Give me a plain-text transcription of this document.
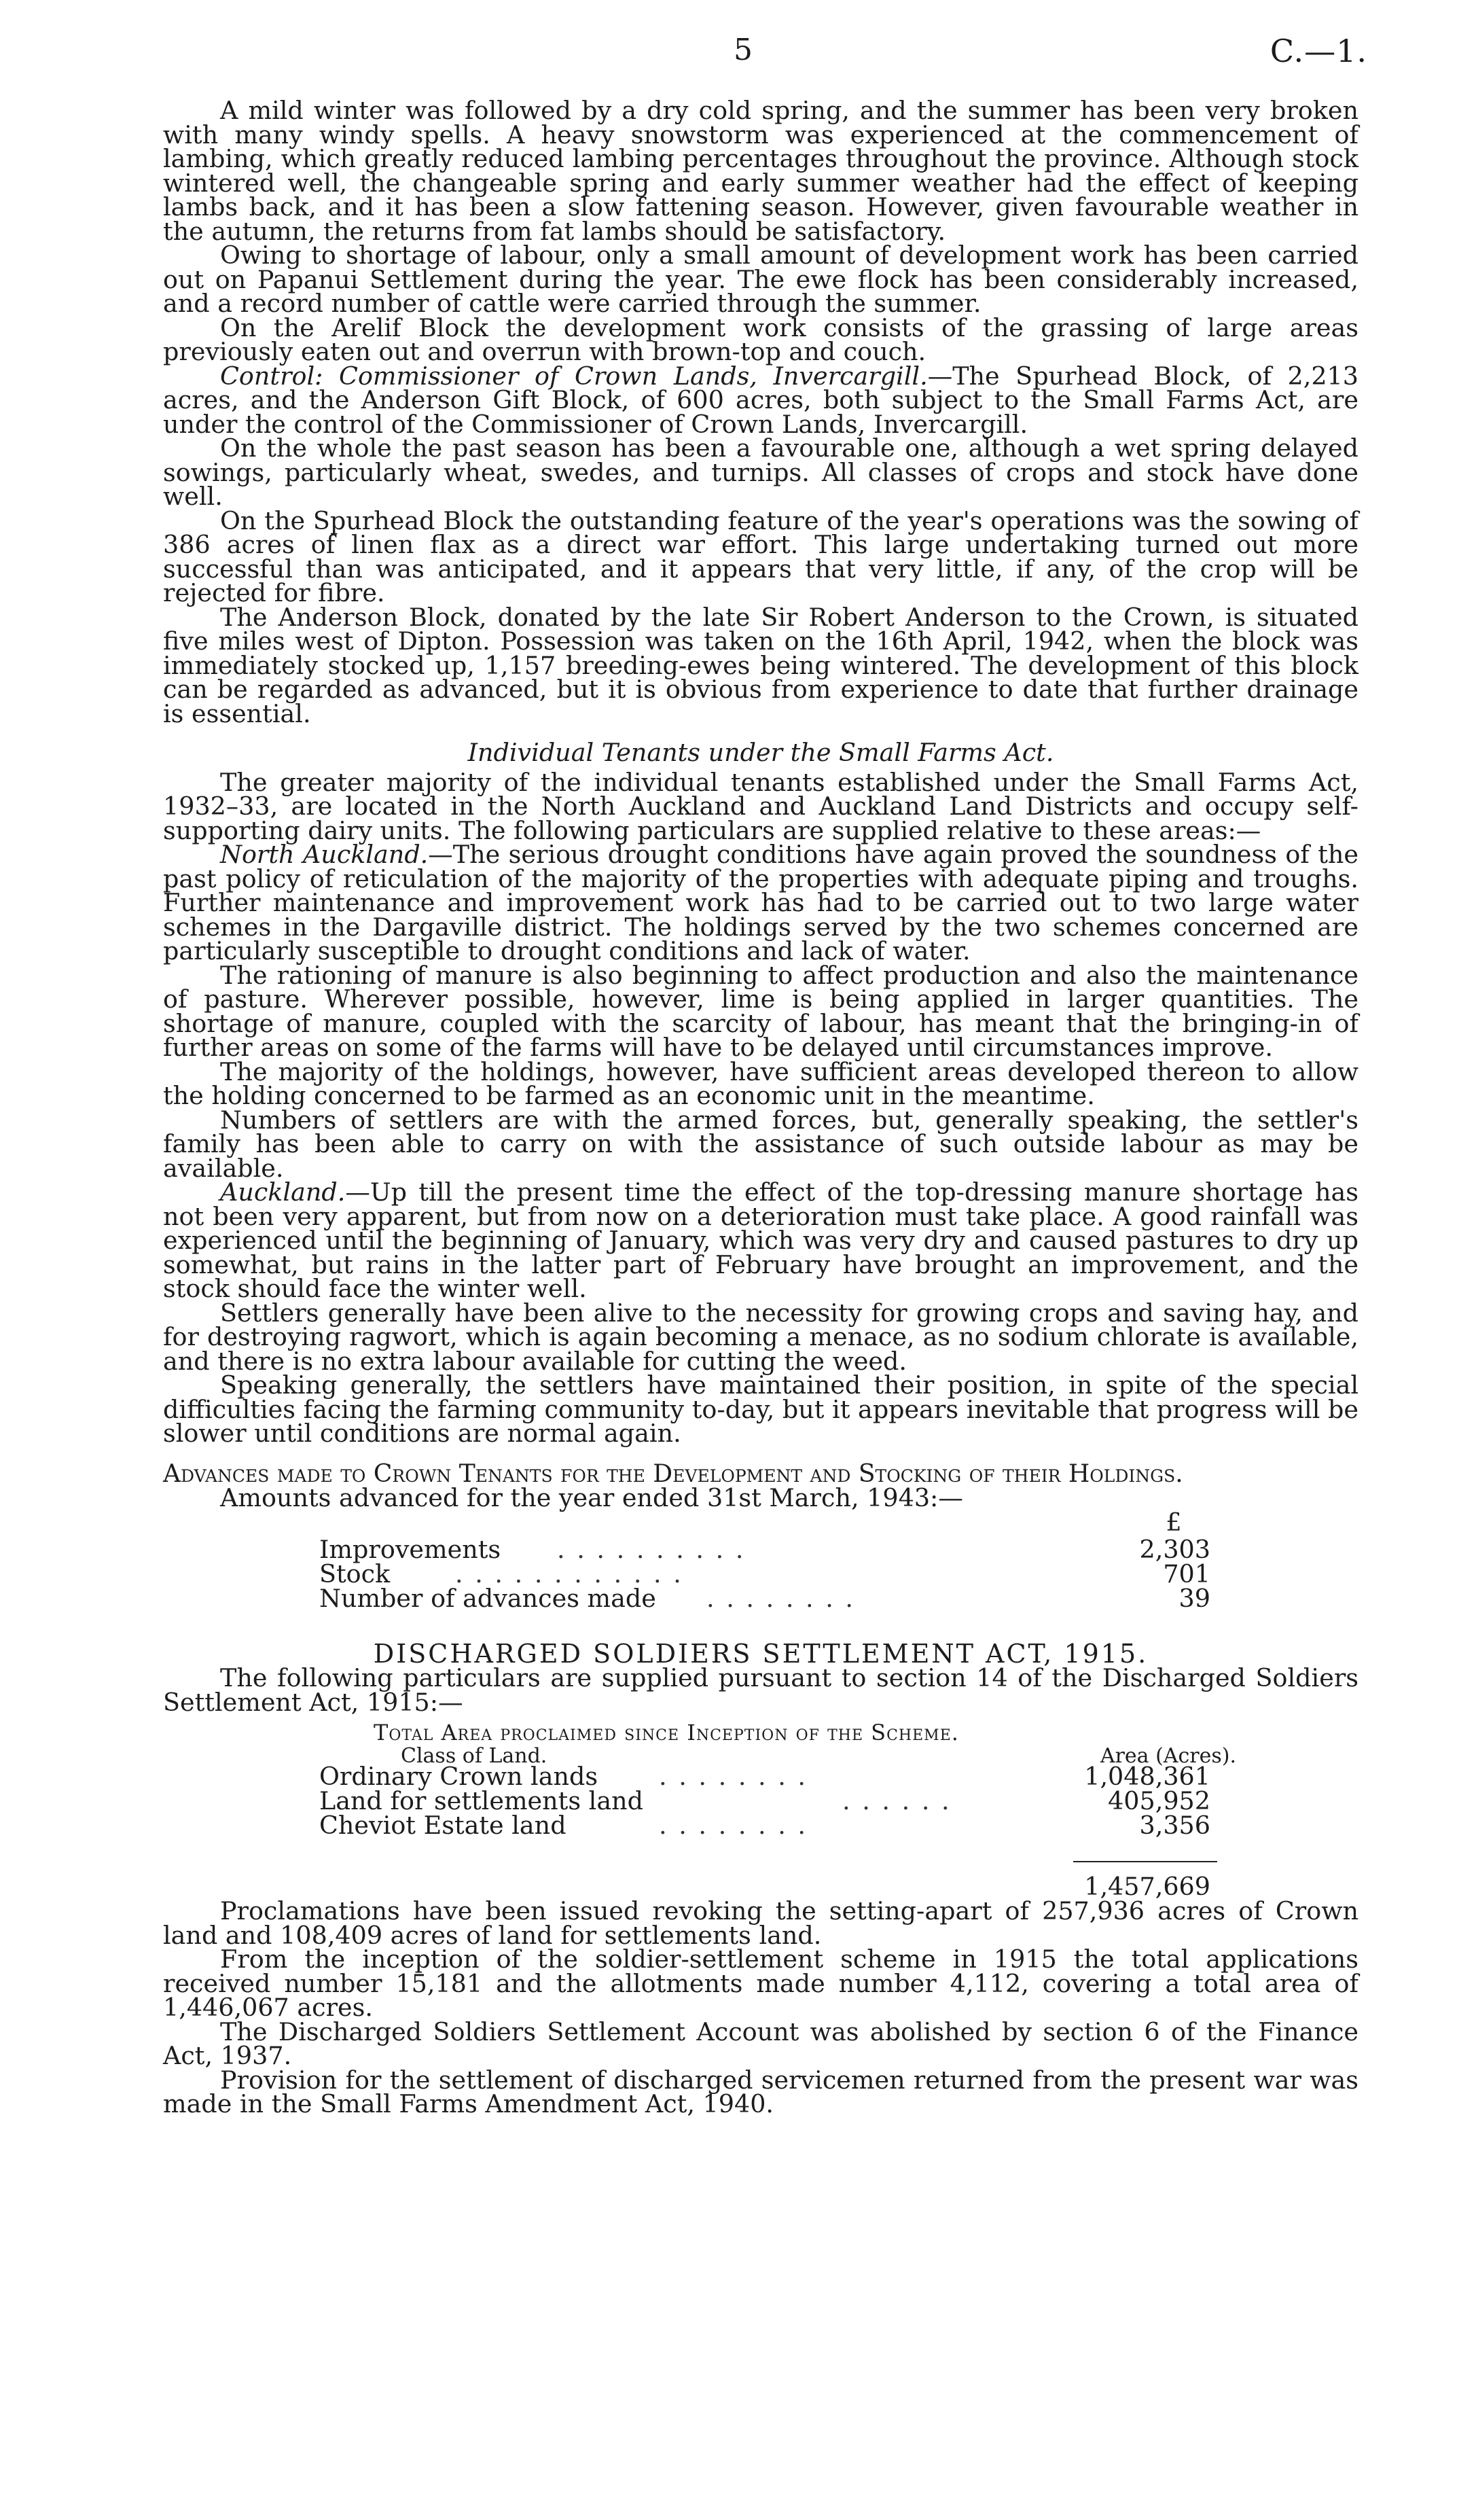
5	C.—1.

A mild winter was followed by a dry cold spring, and the summer has been very broken with many windy spells. A heavy snowstorm was experienced at the commencement of lambing, which greatly reduced lambing percentages throughout the province. Although stock wintered well, the changeable spring and early summer weather had the effect of keeping lambs back, and it has been a slow fattening season. However, given favourable weather in the autumn, the returns from fat lambs should be satisfactory.

Owing to shortage of labour, only a small amount of development work has been carried out on Papanui Settlement during the year. The ewe flock has been considerably increased, and a record number of cattle were carried through the summer.

On the Arelif Block the development work consists of the grassing of large areas previously eaten out and overrun with brown-top and couch.

Control: Commissioner of Crown Lands, Invercargill.—The Spurhead Block, of 2,213 acres, and the Anderson Gift Block, of 600 acres, both subject to the Small Farms Act, are under the control of the Commissioner of Crown Lands, Invercargill.

On the whole the past season has been a favourable one, although a wet spring delayed sowings, particularly wheat, swedes, and turnips. All classes of crops and stock have done well.

On the Spurhead Block the outstanding feature of the year's operations was the sowing of 386 acres of linen flax as a direct war effort. This large undertaking turned out more successful than was anticipated, and it appears that very little, if any, of the crop will be rejected for fibre.

The Anderson Block, donated by the late Sir Robert Anderson to the Crown, is situated five miles west of Dipton. Possession was taken on the 16th April, 1942, when the block was immediately stocked up, 1,157 breeding-ewes being wintered. The development of this block can be regarded as advanced, but it is obvious from experience to date that further drainage is essential.

Individual Tenants under the Small Farms Act.

The greater majority of the individual tenants established under the Small Farms Act, 1932–33, are located in the North Auckland and Auckland Land Districts and occupy self-supporting dairy units. The following particulars are supplied relative to these areas:—

North Auckland.—The serious drought conditions have again proved the soundness of the past policy of reticulation of the majority of the properties with adequate piping and troughs. Further maintenance and improvement work has had to be carried out to two large water schemes in the Dargaville district. The holdings served by the two schemes concerned are particularly susceptible to drought conditions and lack of water.

The rationing of manure is also beginning to affect production and also the maintenance of pasture. Wherever possible, however, lime is being applied in larger quantities. The shortage of manure, coupled with the scarcity of labour, has meant that the bringing-in of further areas on some of the farms will have to be delayed until circumstances improve.

The majority of the holdings, however, have sufficient areas developed thereon to allow the holding concerned to be farmed as an economic unit in the meantime.

Numbers of settlers are with the armed forces, but, generally speaking, the settler's family has been able to carry on with the assistance of such outside labour as may be available.

Auckland.—Up till the present time the effect of the top-dressing manure shortage has not been very apparent, but from now on a deterioration must take place. A good rainfall was experienced until the beginning of January, which was very dry and caused pastures to dry up somewhat, but rains in the latter part of February have brought an improvement, and the stock should face the winter well.

Settlers generally have been alive to the necessity for growing crops and saving hay, and for destroying ragwort, which is again becoming a menace, as no sodium chlorate is available, and there is no extra labour available for cutting the weed.

Speaking generally, the settlers have maintained their position, in spite of the special difficulties facing the farming community to-day, but it appears inevitable that progress will be slower until conditions are normal again.

Advances made to Crown Tenants for the Development and Stocking of their Holdings.

Amounts advanced for the year ended 31st March, 1943:—

£
Improvements . . . . . . . . . .	2,303
Stock	. . . . . . . . . . . .	701
Number of advances made . . . . . . . .	39

DISCHARGED SOLDIERS SETTLEMENT ACT, 1915.

The following particulars are supplied pursuant to section 14 of the Discharged Soldiers Settlement Act, 1915:—

Total Area proclaimed since Inception of the Scheme.
Class of Land.	Area (Acres).
Ordinary Crown lands . . . . . . . .	1,048,361
Land for settlements land	. . . . . .	405,952
Cheviot Estate land	. . . . . . . .	3,356
1,457,669

Proclamations have been issued revoking the setting-apart of 257,936 acres of Crown land and 108,409 acres of land for settlements land.

From the inception of the soldier-settlement scheme in 1915 the total applications received number 15,181 and the allotments made number 4,112, covering a total area of 1,446,067 acres.

The Discharged Soldiers Settlement Account was abolished by section 6 of the Finance Act, 1937.

Provision for the settlement of discharged servicemen returned from the present war was made in the Small Farms Amendment Act, 1940.
